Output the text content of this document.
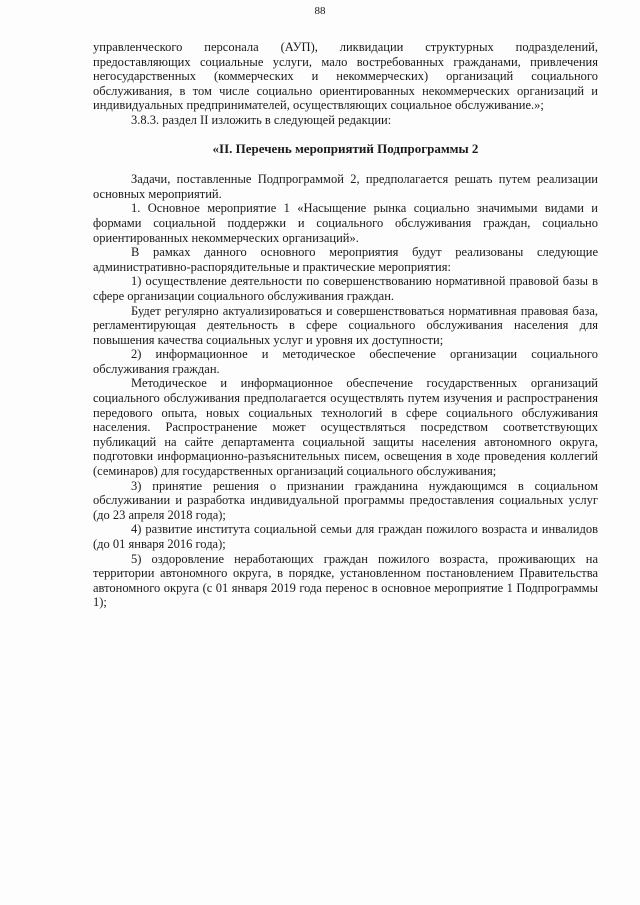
88

управленческого персонала (АУП), ликвидации структурных подразделений, предоставляющих социальные услуги, мало востребованных гражданами, привлечения негосударственных (коммерческих и некоммерческих) организаций социального обслуживания, в том числе социально ориентированных некоммерческих организаций и индивидуальных предпринимателей, осуществляющих социальное обслуживание.»;

3.8.3. раздел II изложить в следующей редакции:

«II. Перечень мероприятий Подпрограммы 2

Задачи, поставленные Подпрограммой 2, предполагается решать путем реализации основных мероприятий.

1. Основное мероприятие 1 «Насыщение рынка социально значимыми видами и формами социальной поддержки и социального обслуживания граждан, социально ориентированных некоммерческих организаций».

В рамках данного основного мероприятия будут реализованы следующие административно-распорядительные и практические мероприятия:

1) осуществление деятельности по совершенствованию нормативной правовой базы в сфере организации социального обслуживания граждан.

Будет регулярно актуализироваться и совершенствоваться нормативная правовая база, регламентирующая деятельность в сфере социального обслуживания населения для повышения качества социальных услуг и уровня их доступности;

2) информационное и методическое обеспечение организации социального обслуживания граждан.

Методическое и информационное обеспечение государственных организаций социального обслуживания предполагается осуществлять путем изучения и распространения передового опыта, новых социальных технологий в сфере социального обслуживания населения. Распространение может осуществляться посредством соответствующих публикаций на сайте департамента социальной защиты населения автономного округа, подготовки информационно-разъяснительных писем, освещения в ходе проведения коллегий (семинаров) для государственных организаций социального обслуживания;

3) принятие решения о признании гражданина нуждающимся в социальном обслуживании и разработка индивидуальной программы предоставления социальных услуг (до 23 апреля 2018 года);

4) развитие института социальной семьи для граждан пожилого возраста и инвалидов (до 01 января 2016 года);

5) оздоровление неработающих граждан пожилого возраста, проживающих на территории автономного округа, в порядке, установленном постановлением Правительства автономного округа (с 01 января 2019 года перенос в основное мероприятие 1 Подпрограммы 1);
